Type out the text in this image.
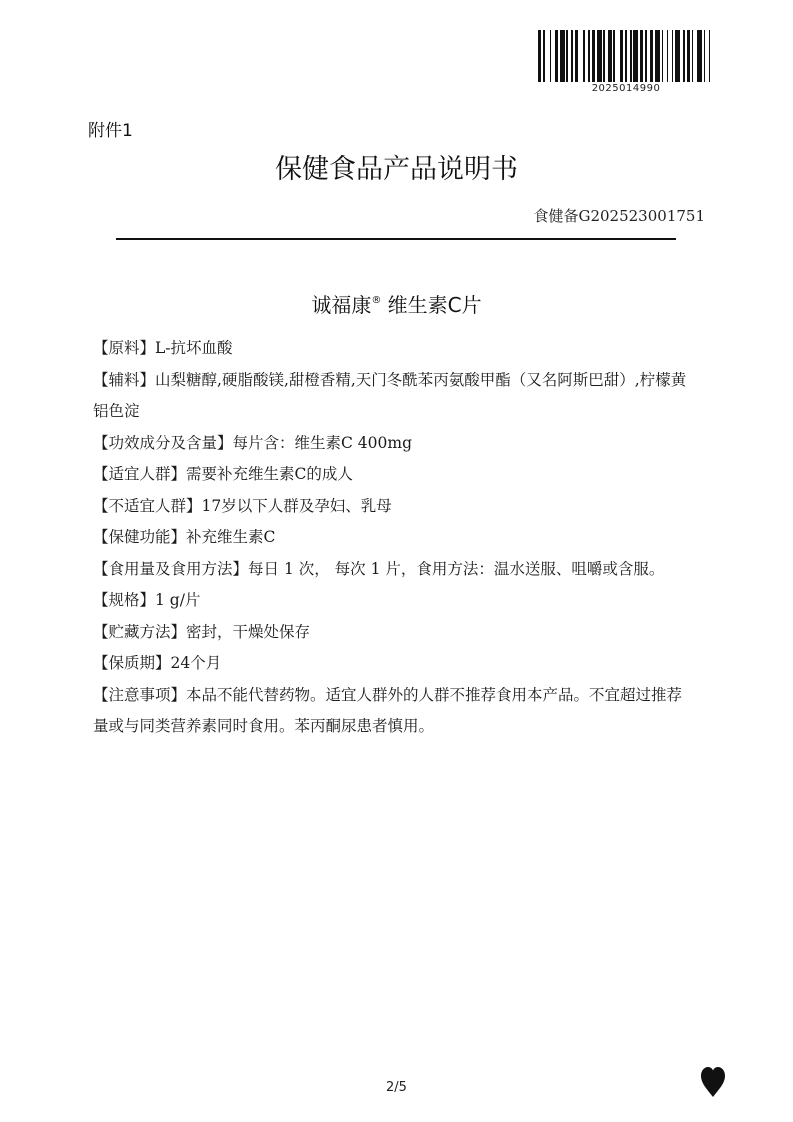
2025014990
附件1
保健食品产品说明书
食健备G202523001751
诚福康® 维生素C片

【原料】L-抗坏血酸

【辅料】山梨糖醇,硬脂酸镁,甜橙香精,天门冬酰苯丙氨酸甲酯（又名阿斯巴甜）,柠檬黄铝色淀

【功效成分及含量】每片含：维生素C 400mg

【适宜人群】需要补充维生素C的成人

【不适宜人群】17岁以下人群及孕妇、乳母

【保健功能】补充维生素C

【食用量及食用方法】每日 1 次， 每次 1 片，食用方法：温水送服、咀嚼或含服。

【规格】1 g/片

【贮藏方法】密封，干燥处保存

【保质期】24个月

【注意事项】本品不能代替药物。适宜人群外的人群不推荐食用本产品。不宜超过推荐量或与同类营养素同时食用。苯丙酮尿患者慎用。

2/5
